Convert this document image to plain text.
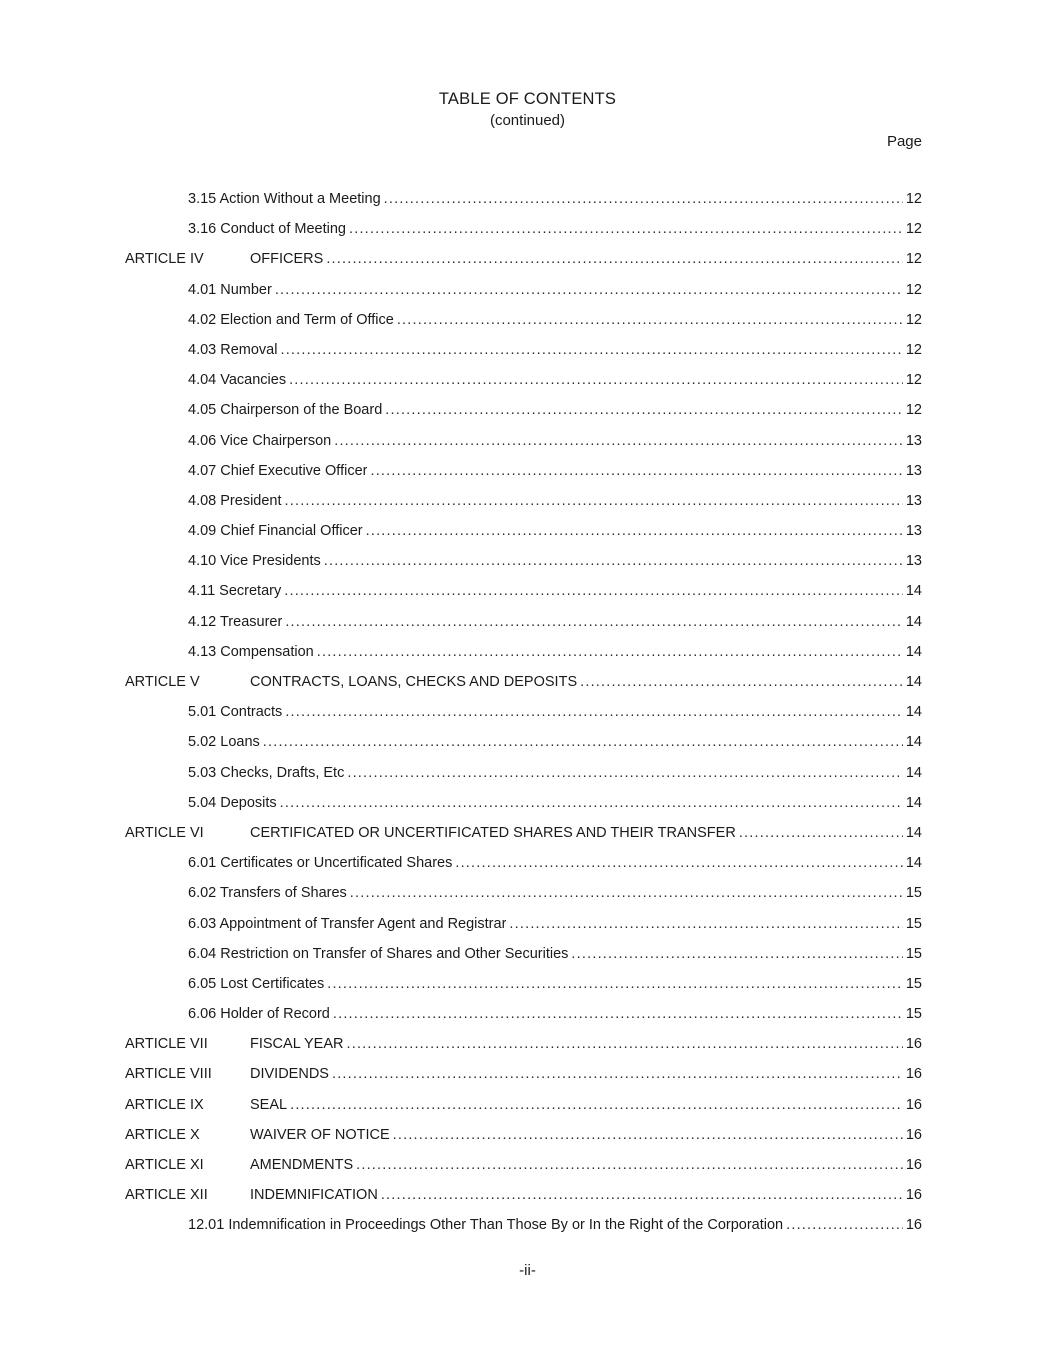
TABLE OF CONTENTS
(continued)
Page
3.15 Action Without a Meeting .....	12
3.16 Conduct of Meeting .....	12
ARTICLE IV	OFFICERS .....	12
4.01 Number .....	12
4.02 Election and Term of Office .....	12
4.03 Removal .....	12
4.04 Vacancies .....	12
4.05 Chairperson of the Board .....	12
4.06 Vice Chairperson .....	13
4.07 Chief Executive Officer .....	13
4.08 President .....	13
4.09 Chief Financial Officer .....	13
4.10 Vice Presidents .....	13
4.11 Secretary .....	14
4.12 Treasurer .....	14
4.13 Compensation .....	14
ARTICLE V	CONTRACTS, LOANS, CHECKS AND DEPOSITS .....	14
5.01 Contracts .....	14
5.02 Loans .....	14
5.03 Checks, Drafts, Etc .....	14
5.04 Deposits .....	14
ARTICLE VI	CERTIFICATED OR UNCERTIFICATED SHARES AND THEIR TRANSFER .....	14
6.01 Certificates or Uncertificated Shares .....	14
6.02 Transfers of Shares .....	15
6.03 Appointment of Transfer Agent and Registrar .....	15
6.04 Restriction on Transfer of Shares and Other Securities .....	15
6.05 Lost Certificates .....	15
6.06 Holder of Record .....	15
ARTICLE VII	FISCAL YEAR .....	16
ARTICLE VIII	DIVIDENDS .....	16
ARTICLE IX	SEAL .....	16
ARTICLE X	WAIVER OF NOTICE .....	16
ARTICLE XI	AMENDMENTS .....	16
ARTICLE XII	INDEMNIFICATION .....	16
12.01 Indemnification in Proceedings Other Than Those By or In the Right of the Corporation .....	16
-ii-
